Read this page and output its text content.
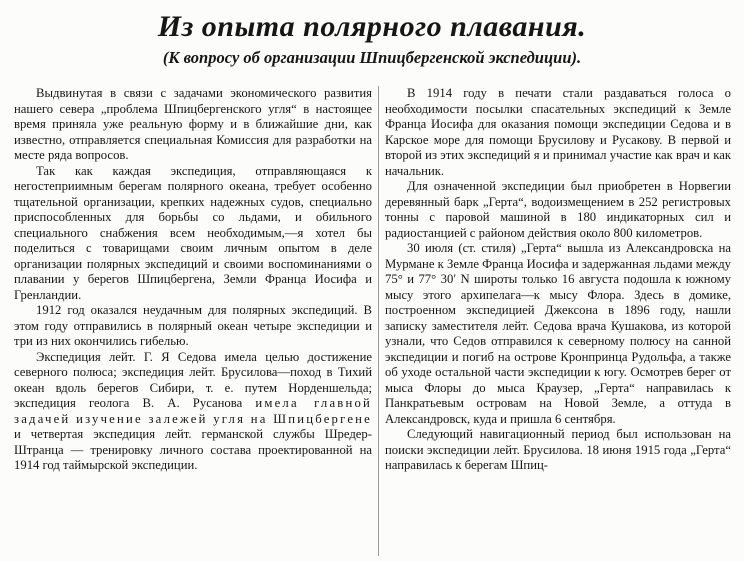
Из опыта полярного плавания.
(К вопросу об организации Шпицбергенской экспедиции).

Выдвинутая в связи с задачами экономического развития нашего севера „проблема Шпицбергенского угля“ в настоящее время приняла уже реальную форму и в ближайшие дни, как известно, отправляется специальная Комиссия для разработки на месте ряда вопросов.

Так как каждая экспедиция, отправляющаяся к негостеприимным берегам полярного океана, требует особенно тщательной организации, крепких надежных судов, специально приспособленных для борьбы со льдами, и обильного специального снабжения всем необходимым,—я хотел бы поделиться с товарищами своим личным опытом в деле организации полярных экспедиций и своими воспоминаниями о плавании у берегов Шпицбергена, Земли Франца Иосифа и Гренландии.

1912 год оказался неудачным для полярных экспедиций. В этом году отправились в полярный океан четыре экспедиции и три из них окончились гибелью.

Экспедиция лейт. Г. Я Седова имела целью достижение северного полюса; экспедиция лейт. Брусилова—поход в Тихий океан вдоль берегов Сибири, т. е. путем Норденшельда; экспедиция геолога В. А. Русанова имела главной задачей изучение залежей угля на Шпицбергене и четвертая экспедиция лейт. германской службы Шредер-Штранца — тренировку личного состава проектированной на 1914 год таймырской экспедиции.

В 1914 году в печати стали раздаваться голоса о необходимости посылки спасательных экспедиций к Земле Франца Иосифа для оказания помощи экспедиции Седова и в Карское море для помощи Брусилову и Русакову. В первой и второй из этих экспедиций я и принимал участие как врач и как начальник.

Для означенной экспедиции был приобретен в Норвегии деревянный барк „Герта“, водоизмещением в 252 регистровых тонны с паровой машиной в 180 индикаторных сил и радиостанцией с районом действия около 800 километров.

30 июля (ст. стиля) „Герта“ вышла из Александровска на Мурмане к Земле Франца Иосифа и задержанная льдами между 75° и 77° 30′ N широты только 16 августа подошла к южному мысу этого архипелага—к мысу Флора. Здесь в домике, построенном экспедицией Джексона в 1896 году, нашли записку заместителя лейт. Седова врача Кушакова, из которой узнали, что Седов отправился к северному полюсу на санной экспедиции и погиб на острове Кронпринца Рудольфа, а также об уходе остальной части экспедиции к югу. Осмотрев берег от мыса Флоры до мыса Краузер, „Герта“ направилась к Панкратьевым островам на Новой Земле, а оттуда в Александровск, куда и пришла 6 сентября.

Следующий навигационный период был использован на поиски экспедиции лейт. Брусилова. 18 июня 1915 года „Герта“ направилась к берегам Шпиц-
